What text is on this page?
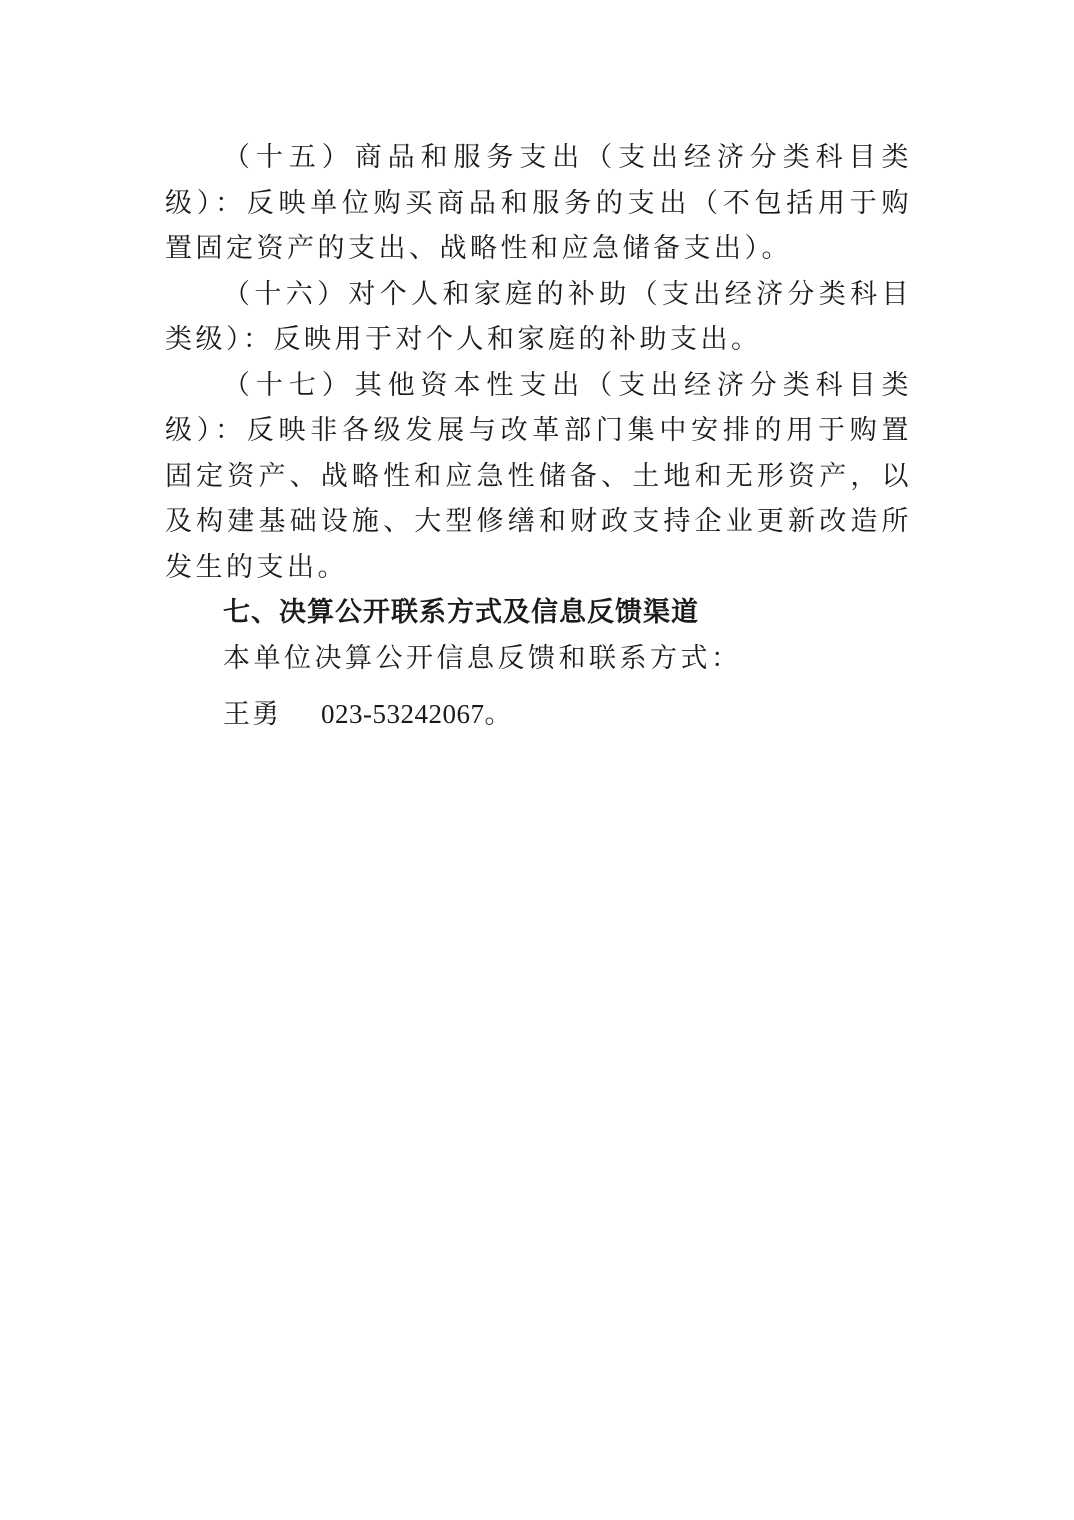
（十五）商品和服务支出（支出经济分类科目类级）：反映单位购买商品和服务的支出（不包括用于购置固定资产的支出、战略性和应急储备支出）。

（十六）对个人和家庭的补助（支出经济分类科目类级）：反映用于对个人和家庭的补助支出。

（十七）其他资本性支出（支出经济分类科目类级）：反映非各级发展与改革部门集中安排的用于购置固定资产、战略性和应急性储备、土地和无形资产，以及构建基础设施、大型修缮和财政支持企业更新改造所发生的支出。

七、决算公开联系方式及信息反馈渠道

本单位决算公开信息反馈和联系方式：

王勇 023-53242067。
